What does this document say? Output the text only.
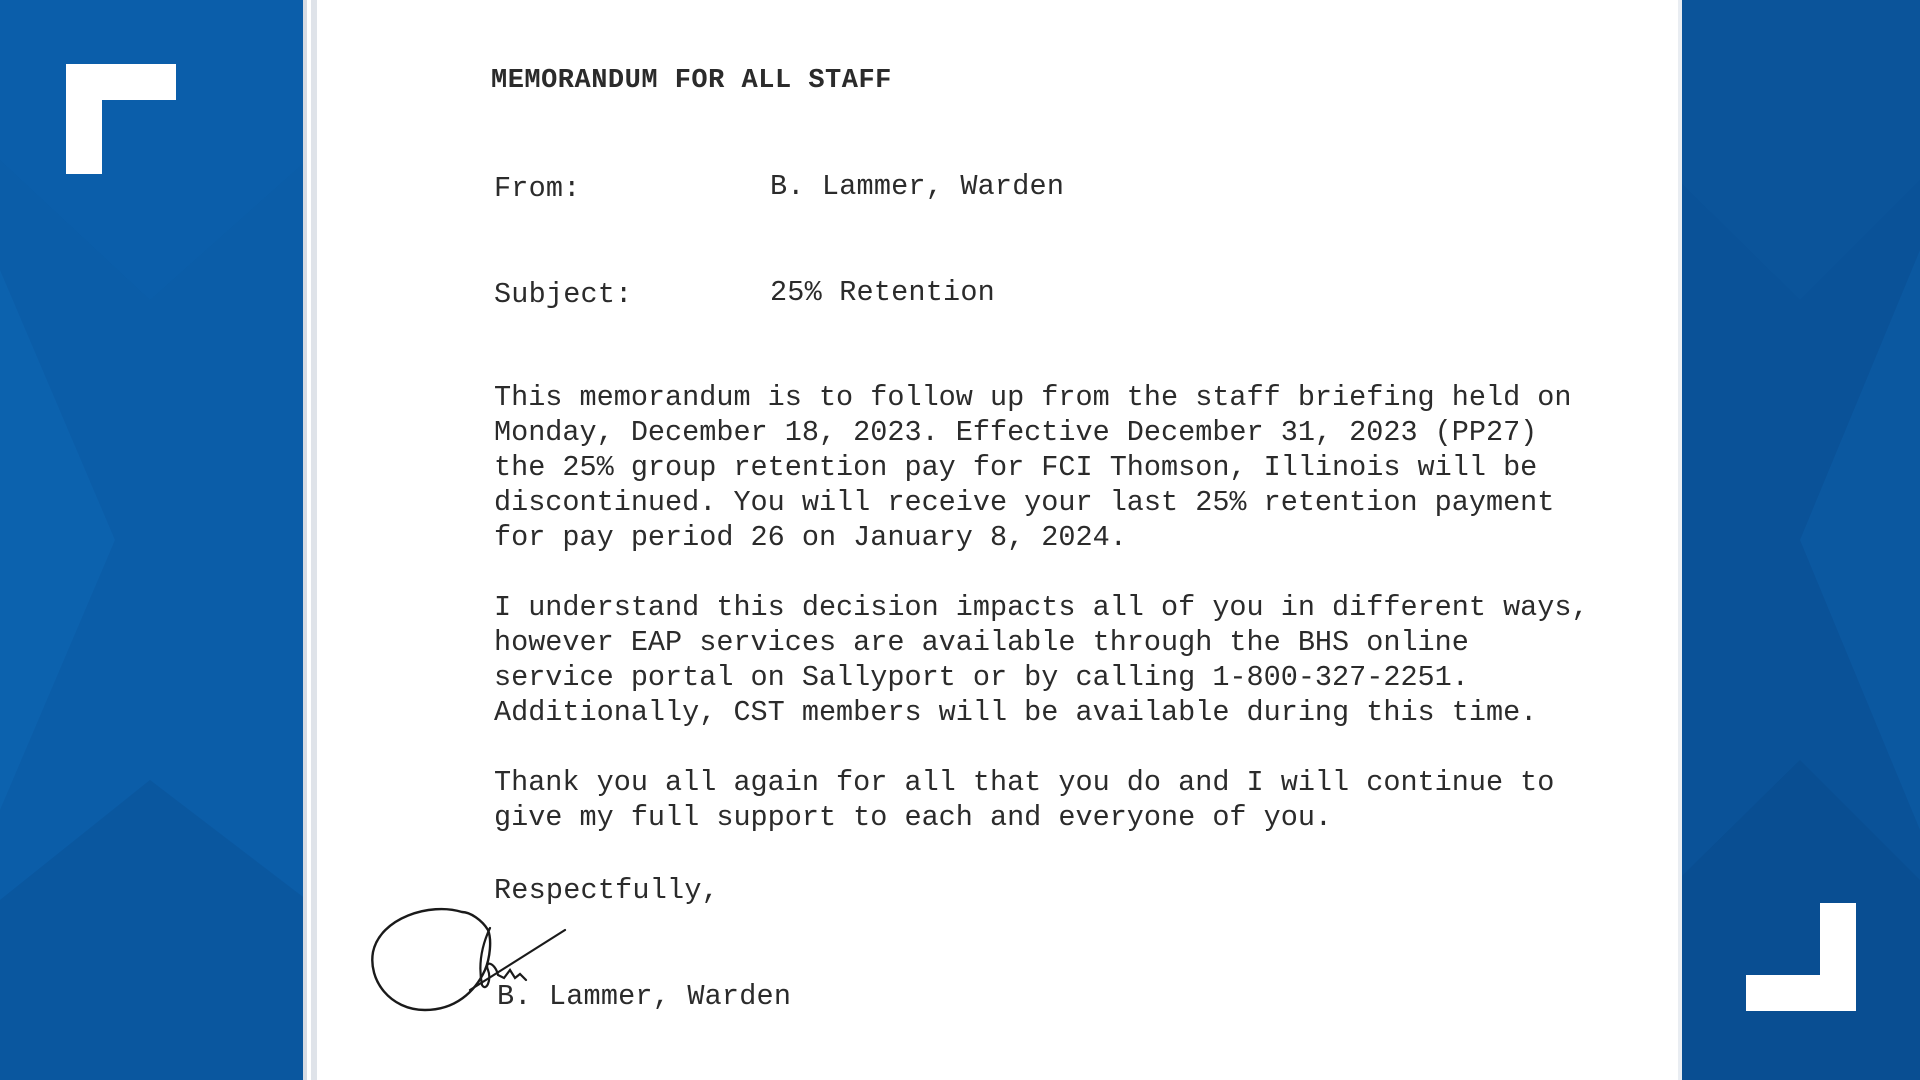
MEMORANDUM FOR ALL STAFF
From:	B. Lammer, Warden
Subject:	25% Retention
This memorandum is to follow up from the staff briefing held on
Monday, December 18, 2023. Effective December 31, 2023 (PP27)
the 25% group retention pay for FCI Thomson, Illinois will be
discontinued. You will receive your last 25% retention payment
for pay period 26 on January 8, 2024.
I understand this decision impacts all of you in different ways,
however EAP services are available through the BHS online
service portal on Sallyport or by calling 1-800-327-2251.
Additionally, CST members will be available during this time.
Thank you all again for all that you do and I will continue to
give my full support to each and everyone of you.
Respectfully,
B. Lammer, Warden
